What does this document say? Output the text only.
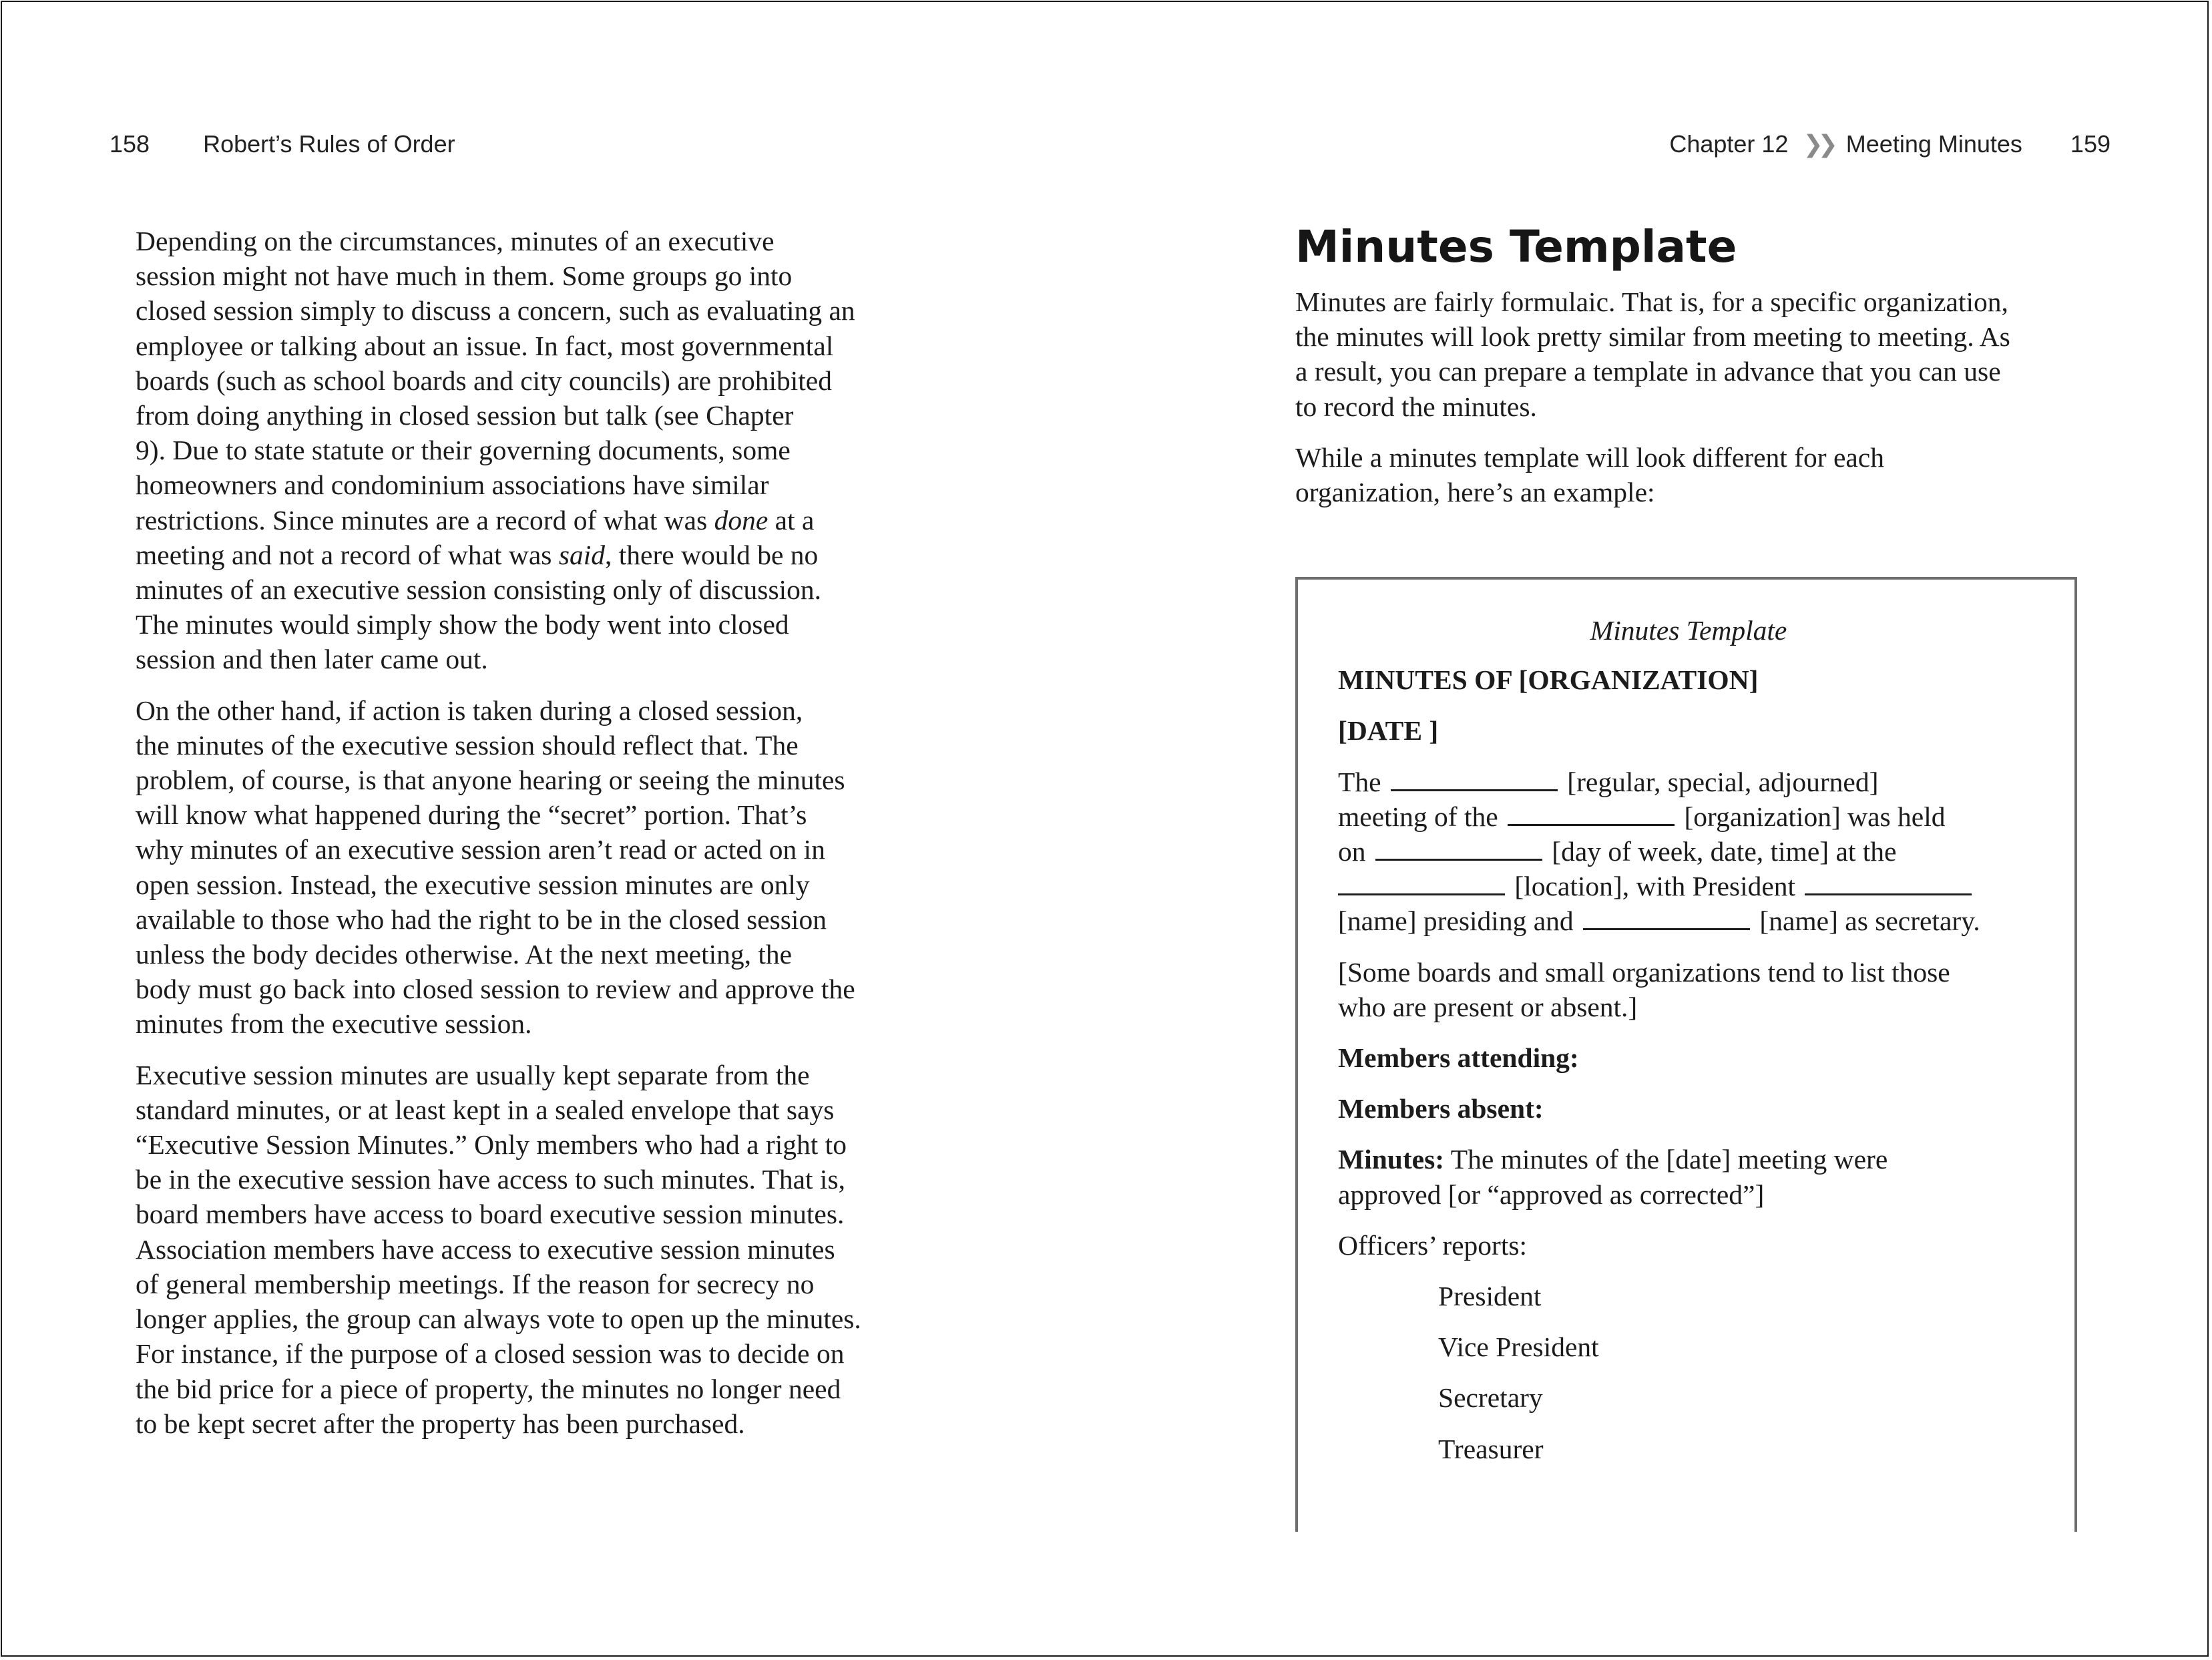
158 Robert’s Rules of Order	Chapter 12 ❯❯ Meeting Minutes 159

Depending on the circumstances, minutes of an executive
session might not have much in them. Some groups go into
closed session simply to discuss a concern, such as evaluating an
employee or talking about an issue. In fact, most governmental
boards (such as school boards and city councils) are prohibited
from doing anything in closed session but talk (see Chapter
9). Due to state statute or their governing documents, some
homeowners and condominium associations have similar
restrictions. Since minutes are a record of what was done at a
meeting and not a record of what was said, there would be no
minutes of an executive session consisting only of discussion.
The minutes would simply show the body went into closed
session and then later came out.

On the other hand, if action is taken during a closed session,
the minutes of the executive session should reflect that. The
problem, of course, is that anyone hearing or seeing the minutes
will know what happened during the “secret” portion. That’s
why minutes of an executive session aren’t read or acted on in
open session. Instead, the executive session minutes are only
available to those who had the right to be in the closed session
unless the body decides otherwise. At the next meeting, the
body must go back into closed session to review and approve the
minutes from the executive session.

Executive session minutes are usually kept separate from the
standard minutes, or at least kept in a sealed envelope that says
“Executive Session Minutes.” Only members who had a right to
be in the executive session have access to such minutes. That is,
board members have access to board executive session minutes.
Association members have access to executive session minutes
of general membership meetings. If the reason for secrecy no
longer applies, the group can always vote to open up the minutes.
For instance, if the purpose of a closed session was to decide on
the bid price for a piece of property, the minutes no longer need
to be kept secret after the property has been purchased.

Minutes Template

Minutes are fairly formulaic. That is, for a specific organization,
the minutes will look pretty similar from meeting to meeting. As
a result, you can prepare a template in advance that you can use
to record the minutes.

While a minutes template will look different for each
organization, here’s an example:

Minutes Template

MINUTES OF [ORGANIZATION]

[DATE ]

The	[regular, special, adjourned]
meeting of the	[organization] was held
on	[day of week, date, time] at the
[location], with President
[name] presiding and	[name] as secretary.

[Some boards and small organizations tend to list those
who are present or absent.]

Members attending:

Members absent:

Minutes: The minutes of the [date] meeting were
approved [or “approved as corrected”]

Officers’ reports:

President

Vice President

Secretary

Treasurer
